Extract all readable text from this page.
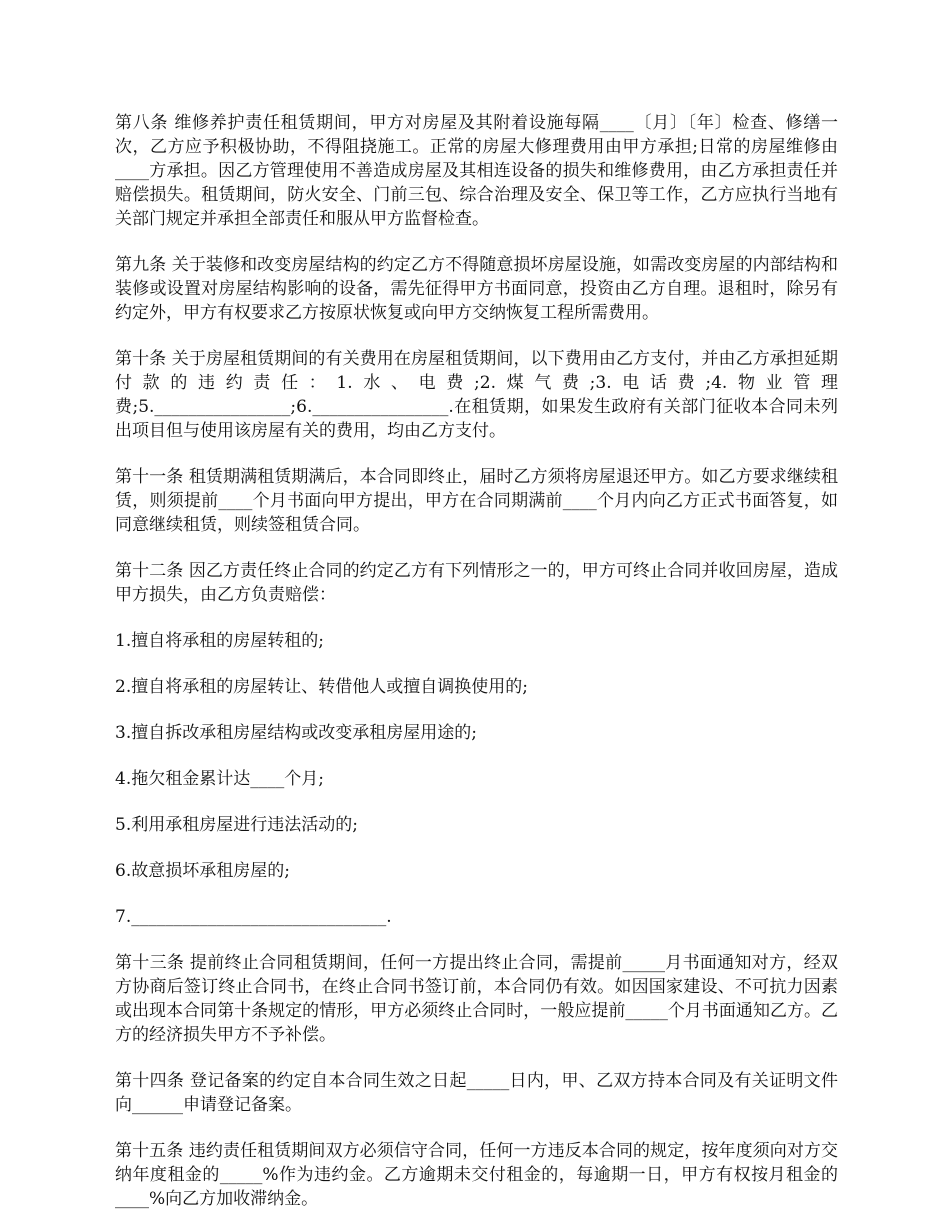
第八条 维修养护责任租赁期间，甲方对房屋及其附着设施每隔____〔月〕〔年〕检查、修缮一次，乙方应予积极协助，不得阻挠施工。正常的房屋大修理费用由甲方承担;日常的房屋维修由____方承担。因乙方管理使用不善造成房屋及其相连设备的损失和维修费用，由乙方承担责任并赔偿损失。租赁期间，防火安全、门前三包、综合治理及安全、保卫等工作，乙方应执行当地有关部门规定并承担全部责任和服从甲方监督检查。

第九条 关于装修和改变房屋结构的约定乙方不得随意损坏房屋设施，如需改变房屋的内部结构和装修或设置对房屋结构影响的设备，需先征得甲方书面同意，投资由乙方自理。退租时，除另有约定外，甲方有权要求乙方按原状恢复或向甲方交纳恢复工程所需费用。

第十条 关于房屋租赁期间的有关费用在房屋租赁期间，以下费用由乙方支付，并由乙方承担延期付款的违约责任：1.水、电费;2.煤气费;3.电话费;4.物业管理费;5.________________;6.________________.在租赁期，如果发生政府有关部门征收本合同未列出项目但与使用该房屋有关的费用，均由乙方支付。

第十一条 租赁期满租赁期满后，本合同即终止，届时乙方须将房屋退还甲方。如乙方要求继续租赁，则须提前____个月书面向甲方提出，甲方在合同期满前____个月内向乙方正式书面答复，如同意继续租赁，则续签租赁合同。

第十二条 因乙方责任终止合同的约定乙方有下列情形之一的，甲方可终止合同并收回房屋，造成甲方损失，由乙方负责赔偿：

1.擅自将承租的房屋转租的;

2.擅自将承租的房屋转让、转借他人或擅自调换使用的;

3.擅自拆改承租房屋结构或改变承租房屋用途的;

4.拖欠租金累计达____个月;

5.利用承租房屋进行违法活动的;

6.故意损坏承租房屋的;

7.______________________________.

第十三条 提前终止合同租赁期间，任何一方提出终止合同，需提前_____月书面通知对方，经双方协商后签订终止合同书，在终止合同书签订前，本合同仍有效。如因国家建设、不可抗力因素或出现本合同第十条规定的情形，甲方必须终止合同时，一般应提前_____个月书面通知乙方。乙方的经济损失甲方不予补偿。

第十四条 登记备案的约定自本合同生效之日起_____日内，甲、乙双方持本合同及有关证明文件向______申请登记备案。

第十五条 违约责任租赁期间双方必须信守合同，任何一方违反本合同的规定，按年度须向对方交纳年度租金的_____%作为违约金。乙方逾期未交付租金的，每逾期一日，甲方有权按月租金的____%向乙方加收滞纳金。
